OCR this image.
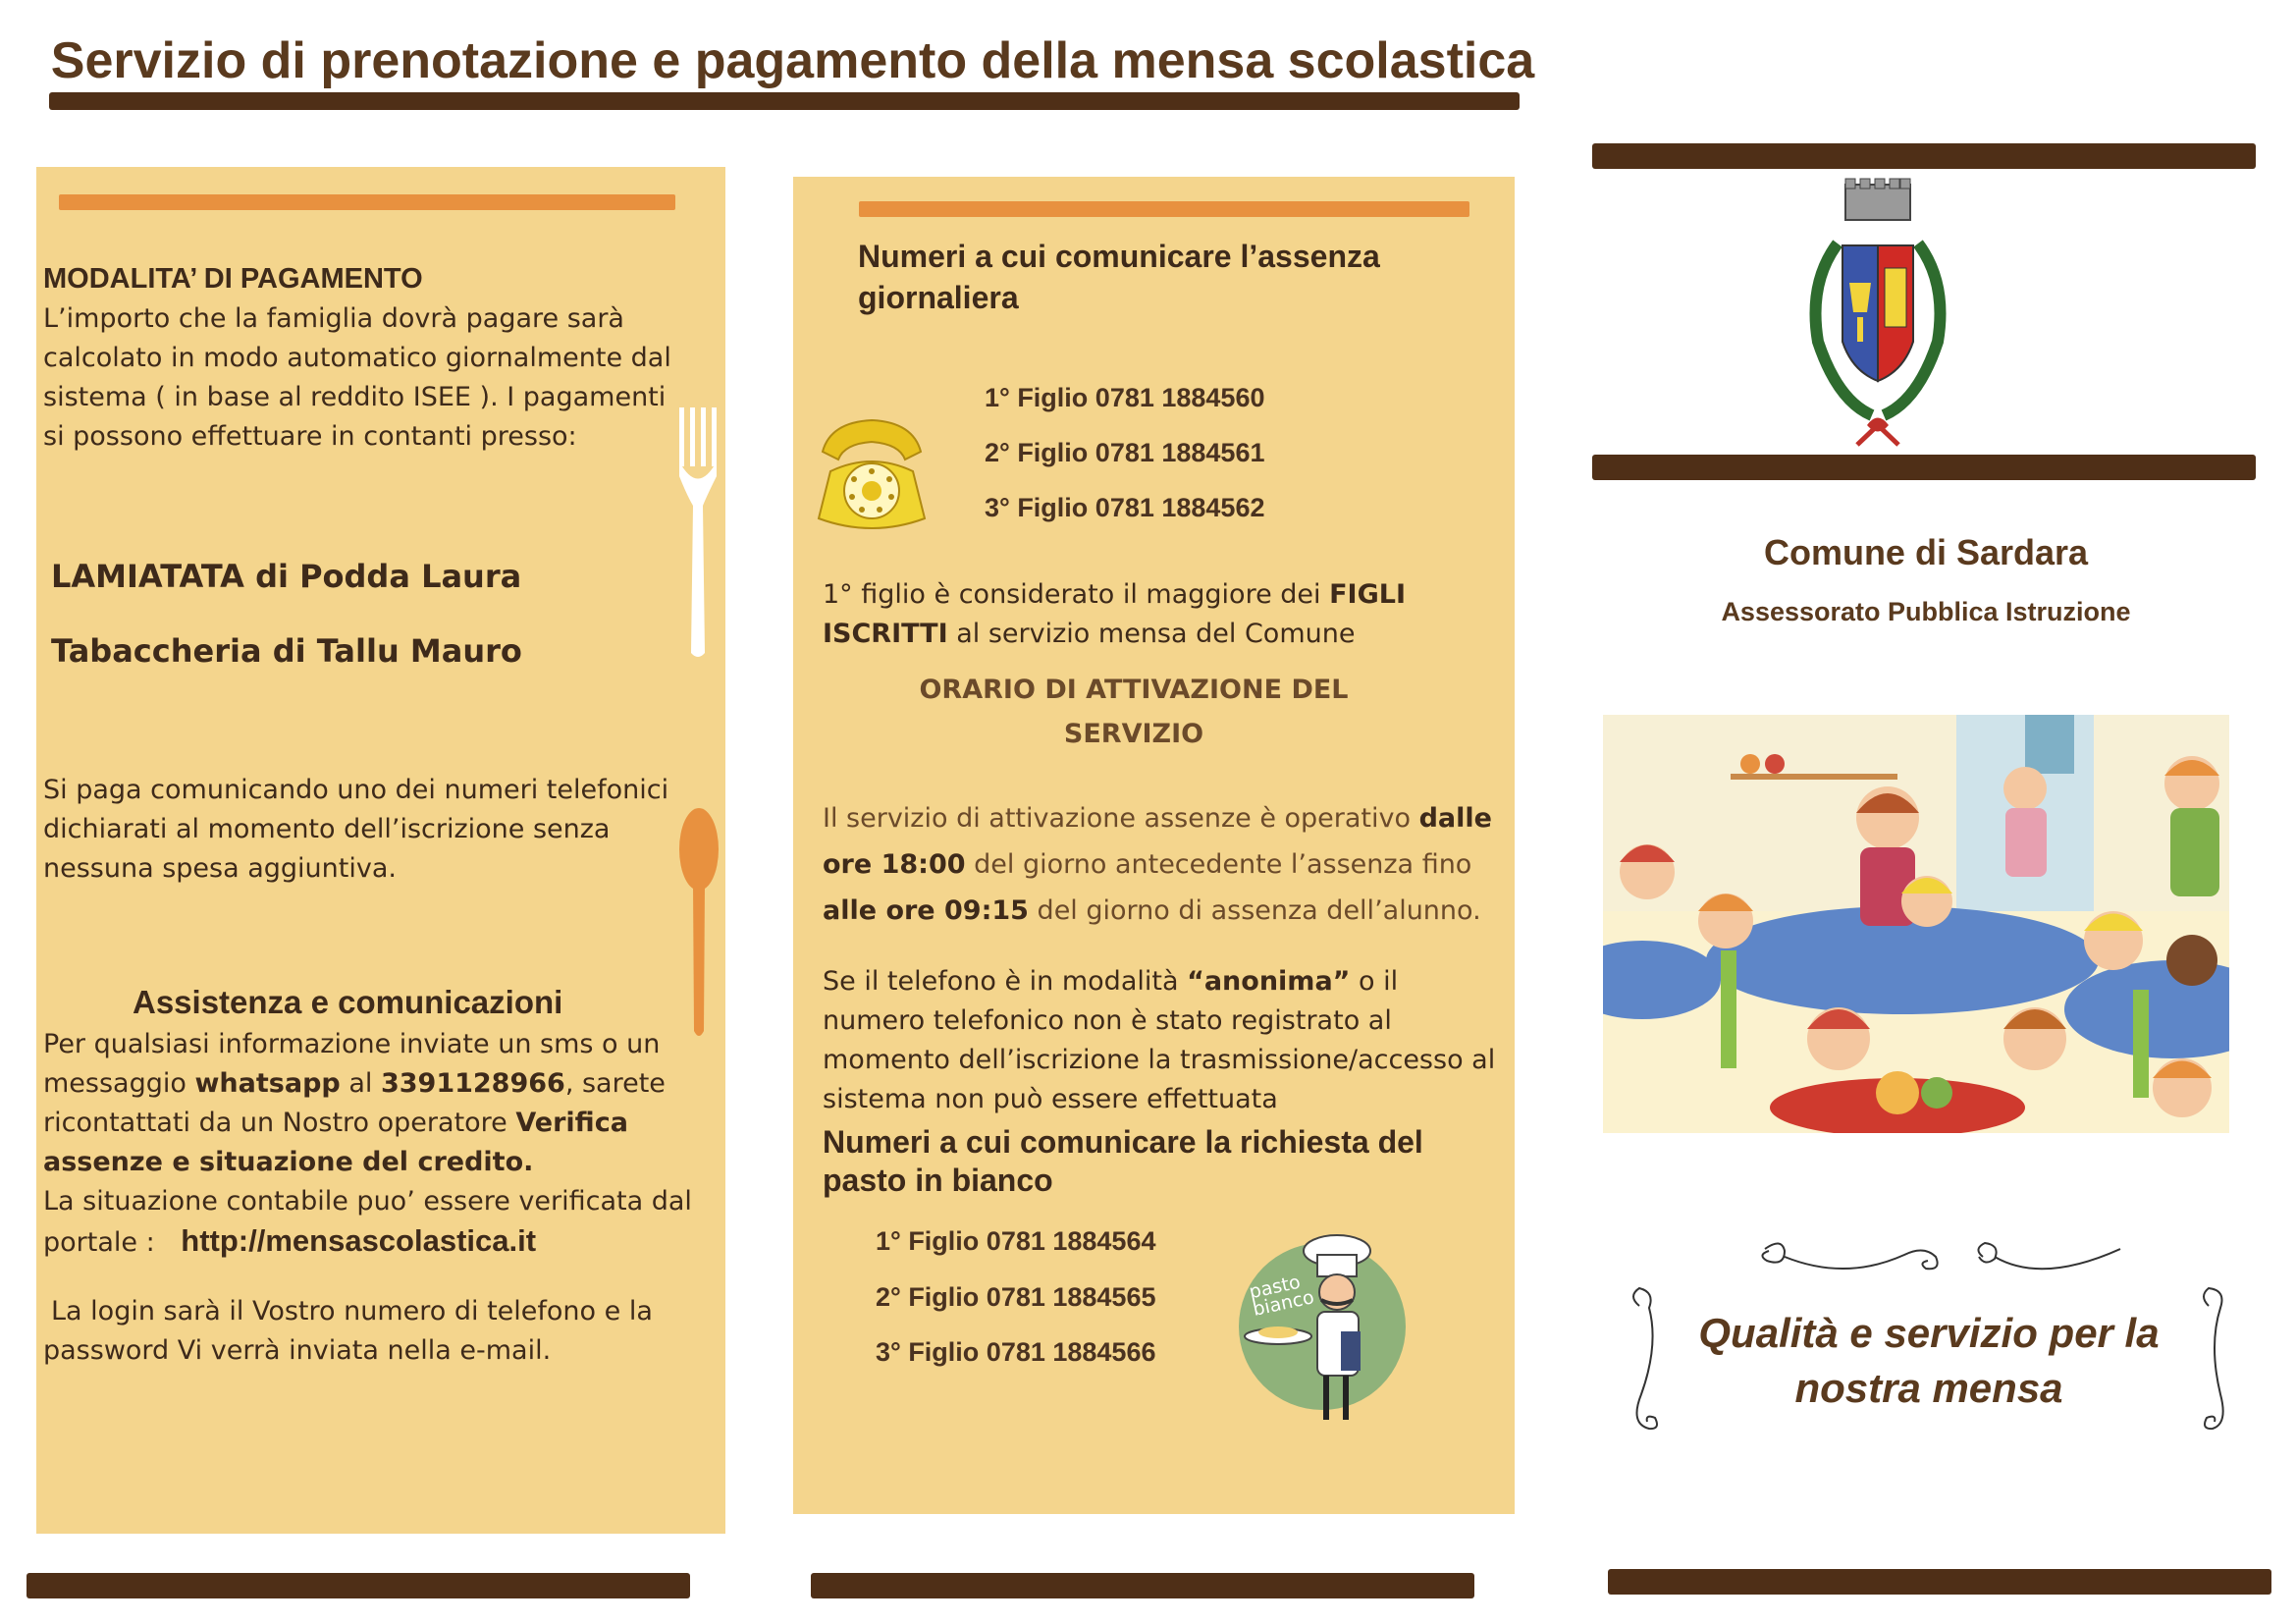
Servizio di prenotazione e pagamento della mensa scolastica
MODALITA’ DI PAGAMENTO
L’importo che la famiglia dovrà pagare sarà calcolato in modo automatico giornalmente dal sistema ( in base al reddito ISEE ). I pagamenti si possono effettuare in contanti presso:
LAMIATATA di Podda Laura
Tabaccheria di Tallu Mauro
Si paga comunicando uno dei numeri telefonici dichiarati al momento dell’iscrizione senza nessuna spesa aggiuntiva.
Assistenza e comunicazioni
Per qualsiasi informazione inviate un sms o un messaggio whatsapp al 3391128966, sarete ricontattati da un Nostro operatore Verifica assenze e situazione del credito.
La situazione contabile puo’ essere verificata dal portale : http://mensascolastica.it
La login sarà il Vostro numero di telefono e la password Vi verrà inviata nella e-mail.
Numeri a cui comunicare l’assenza giornaliera
1° Figlio 0781 1884560
2° Figlio 0781 1884561
3° Figlio 0781 1884562
1° figlio è considerato il maggiore dei FIGLI ISCRITTI al servizio mensa del Comune
ORARIO DI ATTIVAZIONE DEL SERVIZIO
Il servizio di attivazione assenze è operativo dalle ore 18:00 del giorno antecedente l’assenza fino alle ore 09:15 del giorno di assenza dell’alunno.
Se il telefono è in modalità “anonima” o il numero telefonico non è stato registrato al momento dell’iscrizione la trasmissione/accesso al sistema non può essere effettuata
Numeri a cui comunicare la richiesta del pasto in bianco
1° Figlio 0781 1884564
2° Figlio 0781 1884565
3° Figlio 0781 1884566
pasto bianco
Comune di Sardara
Assessorato Pubblica Istruzione
Qualità e servizio per la nostra mensa
